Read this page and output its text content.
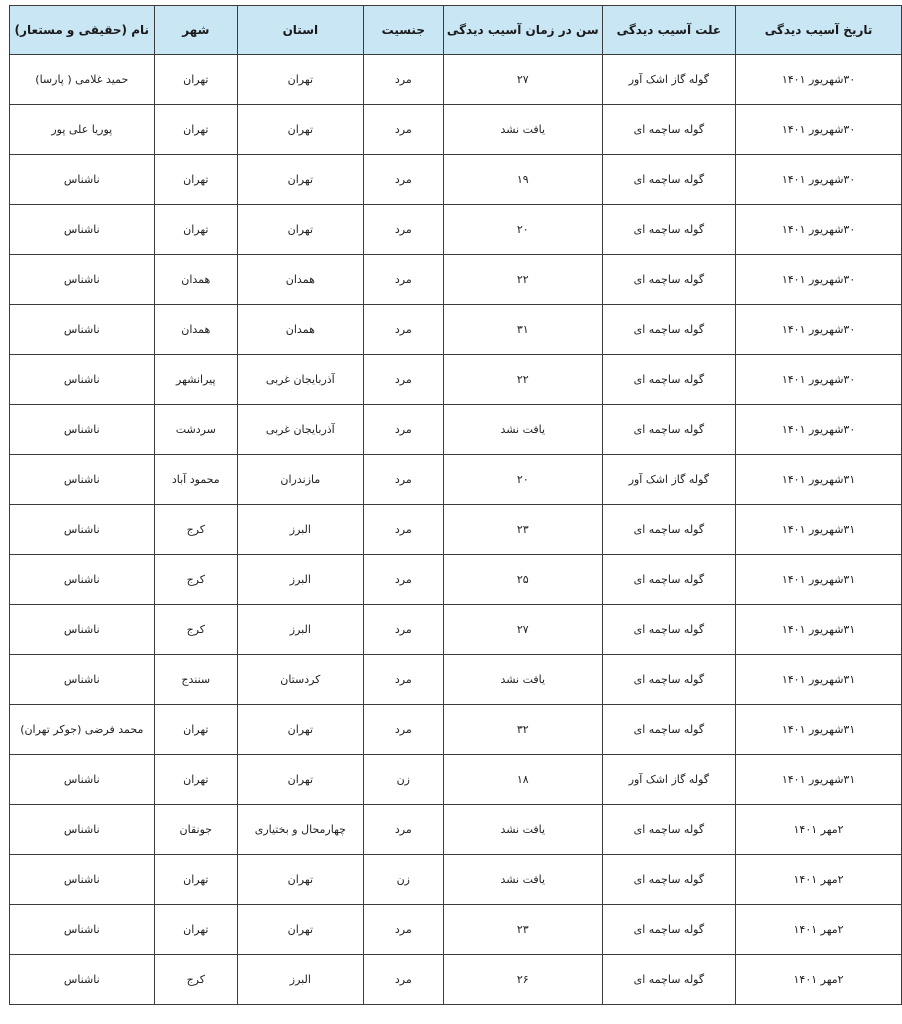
تاریخ آسیب دیدگی	علت آسیب دیدگی	سن در زمان آسیب دیدگی	جنسیت	استان	شهر	نام (حقیقی و مستعار)
۳۰شهریور ۱۴۰۱	گوله گاز اشک آور	۲۷	مرد	تهران	تهران	حمید غلامی ( پارسا)
۳۰شهریور ۱۴۰۱	گوله ساچمه ای	یافت نشد	مرد	تهران	تهران	پوریا علی پور
۳۰شهریور ۱۴۰۱	گوله ساچمه ای	۱۹	مرد	تهران	تهران	ناشناس
۳۰شهریور ۱۴۰۱	گوله ساچمه ای	۲۰	مرد	تهران	تهران	ناشناس
۳۰شهریور ۱۴۰۱	گوله ساچمه ای	۲۲	مرد	همدان	همدان	ناشناس
۳۰شهریور ۱۴۰۱	گوله ساچمه ای	۳۱	مرد	همدان	همدان	ناشناس
۳۰شهریور ۱۴۰۱	گوله ساچمه ای	۲۲	مرد	آذربایجان غربی	پیرانشهر	ناشناس
۳۰شهریور ۱۴۰۱	گوله ساچمه ای	یافت نشد	مرد	آذربایجان غربی	سردشت	ناشناس
۳۱شهریور ۱۴۰۱	گوله گاز اشک آور	۲۰	مرد	مازندران	محمود آباد	ناشناس
۳۱شهریور ۱۴۰۱	گوله ساچمه ای	۲۳	مرد	البرز	کرج	ناشناس
۳۱شهریور ۱۴۰۱	گوله ساچمه ای	۲۵	مرد	البرز	کرج	ناشناس
۳۱شهریور ۱۴۰۱	گوله ساچمه ای	۲۷	مرد	البرز	کرج	ناشناس
۳۱شهریور ۱۴۰۱	گوله ساچمه ای	یافت نشد	مرد	کردستان	سنندج	ناشناس
۳۱شهریور ۱۴۰۱	گوله ساچمه ای	۳۲	مرد	تهران	تهران	محمد فرضی (جوکر تهران)
۳۱شهریور ۱۴۰۱	گوله گاز اشک آور	۱۸	زن	تهران	تهران	ناشناس
۲مهر ۱۴۰۱	گوله ساچمه ای	یافت نشد	مرد	چهارمحال و بختیاری	جونقان	ناشناس
۲مهر ۱۴۰۱	گوله ساچمه ای	یافت نشد	زن	تهران	تهران	ناشناس
۲مهر ۱۴۰۱	گوله ساچمه ای	۲۳	مرد	تهران	تهران	ناشناس
۲مهر ۱۴۰۱	گوله ساچمه ای	۲۶	مرد	البرز	کرج	ناشناس
